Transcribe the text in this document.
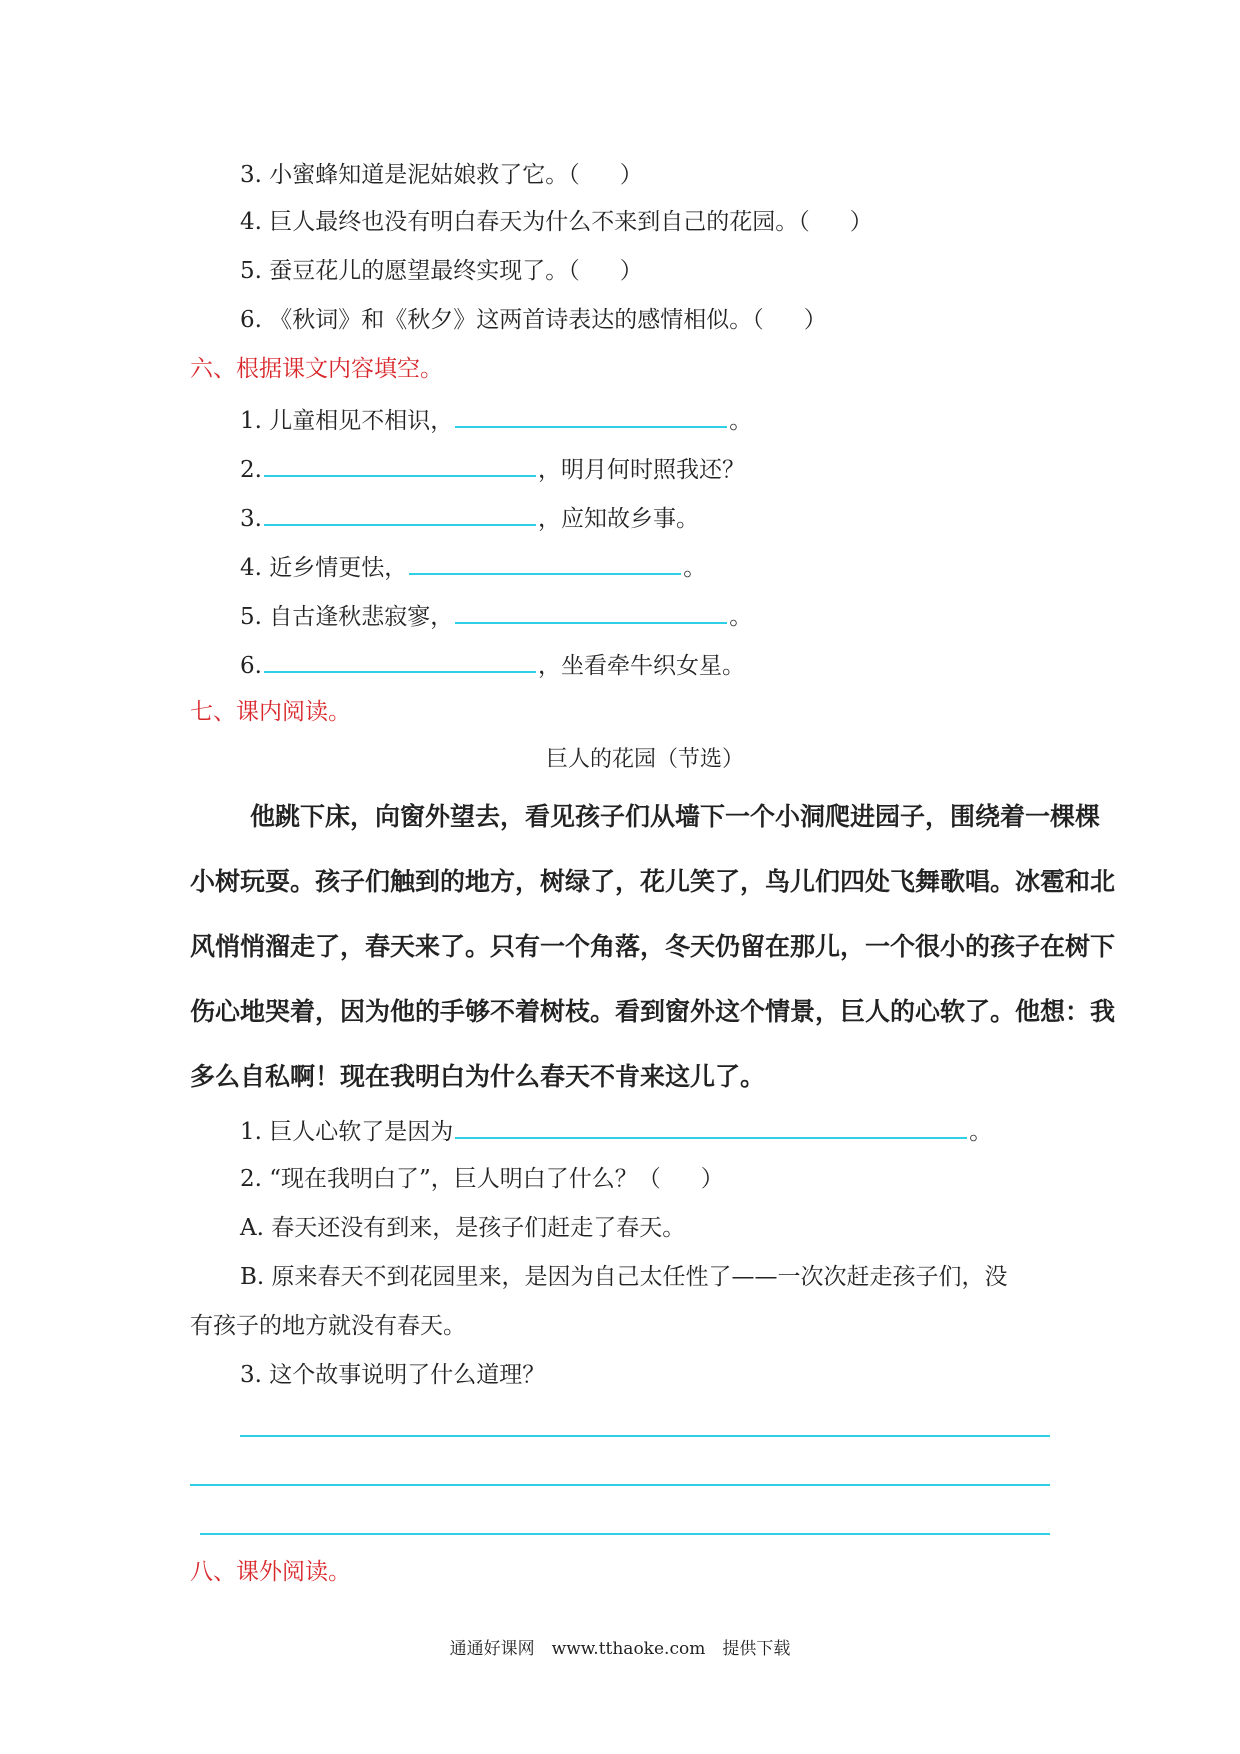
3. 小蜜蜂知道是泥姑娘救了它。（ ）
4. 巨人最终也没有明白春天为什么不来到自己的花园。（ ）
5. 蚕豆花儿的愿望最终实现了。（ ）
6. 《秋词》和《秋夕》这两首诗表达的感情相似。（ ）
六、根据课文内容填空。
1. 儿童相见不相识，	。
2.	，明月何时照我还？
3.	，应知故乡事。
4. 近乡情更怯，	。
5. 自古逢秋悲寂寥，	。
6.	，坐看牵牛织女星。
七、课内阅读。
巨人的花园（节选）
他跳下床，向窗外望去，看见孩子们从墙下一个小洞爬进园子，围绕着一棵棵
小树玩耍。孩子们触到的地方，树绿了，花儿笑了，鸟儿们四处飞舞歌唱。冰雹和北
风悄悄溜走了，春天来了。只有一个角落，冬天仍留在那儿，一个很小的孩子在树下
伤心地哭着，因为他的手够不着树枝。看到窗外这个情景，巨人的心软了。他想：我
多么自私啊！现在我明白为什么春天不肯来这儿了。
1. 巨人心软了是因为	。
2. “现在我明白了”，巨人明白了什么？（ ）
A. 春天还没有到来，是孩子们赶走了春天。
B. 原来春天不到花园里来，是因为自己太任性了——一次次赶走孩子们，没
有孩子的地方就没有春天。
3. 这个故事说明了什么道理？
八、课外阅读。
通通好课网　www.tthaoke.com　提供下载
